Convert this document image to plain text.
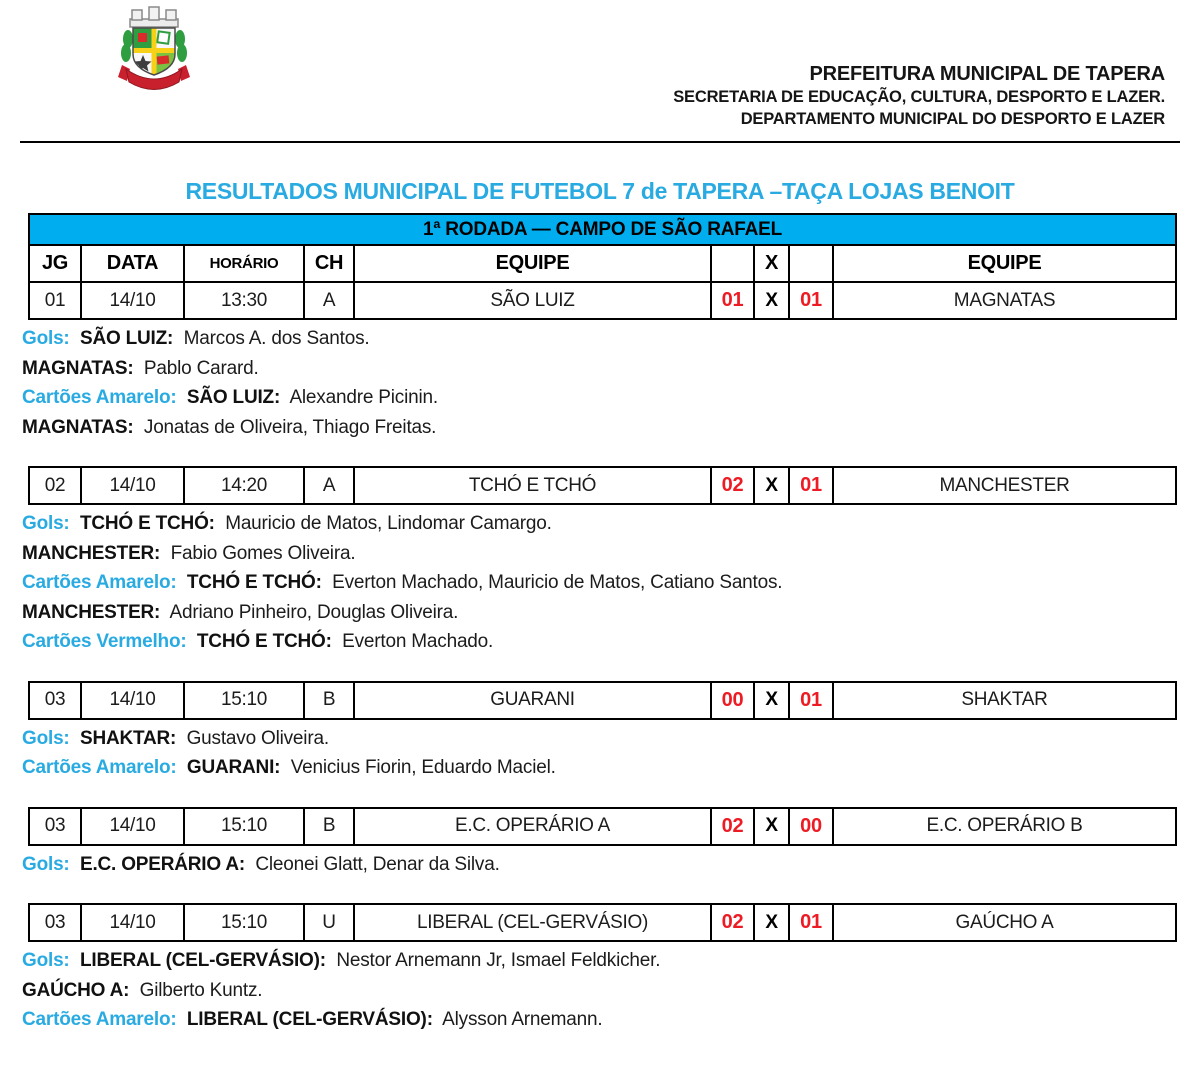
PREFEITURA MUNICIPAL DE TAPERA
SECRETARIA DE EDUCAÇÃO, CULTURA, DESPORTO E LAZER.
DEPARTAMENTO MUNICIPAL DO DESPORTO E LAZER
RESULTADOS MUNICIPAL DE FUTEBOL 7 de TAPERA –TAÇA LOJAS BENOIT
1ª RODADA — CAMPO DE SÃO RAFAEL								
JG	DATA	HORÁRIO	CH	EQUIPE		X		EQUIPE
01	14/10	13:30	A	SÃO LUIZ	01	X	01	MAGNATAS
Gols: SÃO LUIZ: Marcos A. dos Santos.
MAGNATAS: Pablo Carard.
Cartões Amarelo: SÃO LUIZ: Alexandre Picinin.
MAGNATAS: Jonatas de Oliveira, Thiago Freitas.
02	14/10	14:20	A	TCHÓ E TCHÓ	02	X	01	MANCHESTER
Gols: TCHÓ E TCHÓ: Mauricio de Matos, Lindomar Camargo.
MANCHESTER: Fabio Gomes Oliveira.
Cartões Amarelo: TCHÓ E TCHÓ: Everton Machado, Mauricio de Matos, Catiano Santos.
MANCHESTER: Adriano Pinheiro, Douglas Oliveira.
Cartões Vermelho: TCHÓ E TCHÓ: Everton Machado.
03	14/10	15:10	B	GUARANI	00	X	01	SHAKTAR
Gols: SHAKTAR: Gustavo Oliveira.
Cartões Amarelo: GUARANI: Venicius Fiorin, Eduardo Maciel.
03	14/10	15:10	B	E.C. OPERÁRIO A	02	X	00	E.C. OPERÁRIO B
Gols: E.C. OPERÁRIO A: Cleonei Glatt, Denar da Silva.
03	14/10	15:10	U	LIBERAL (CEL-GERVÁSIO)	02	X	01	GAÚCHO A
Gols: LIBERAL (CEL-GERVÁSIO): Nestor Arnemann Jr, Ismael Feldkicher.
GAÚCHO A: Gilberto Kuntz.
Cartões Amarelo: LIBERAL (CEL-GERVÁSIO): Alysson Arnemann.
